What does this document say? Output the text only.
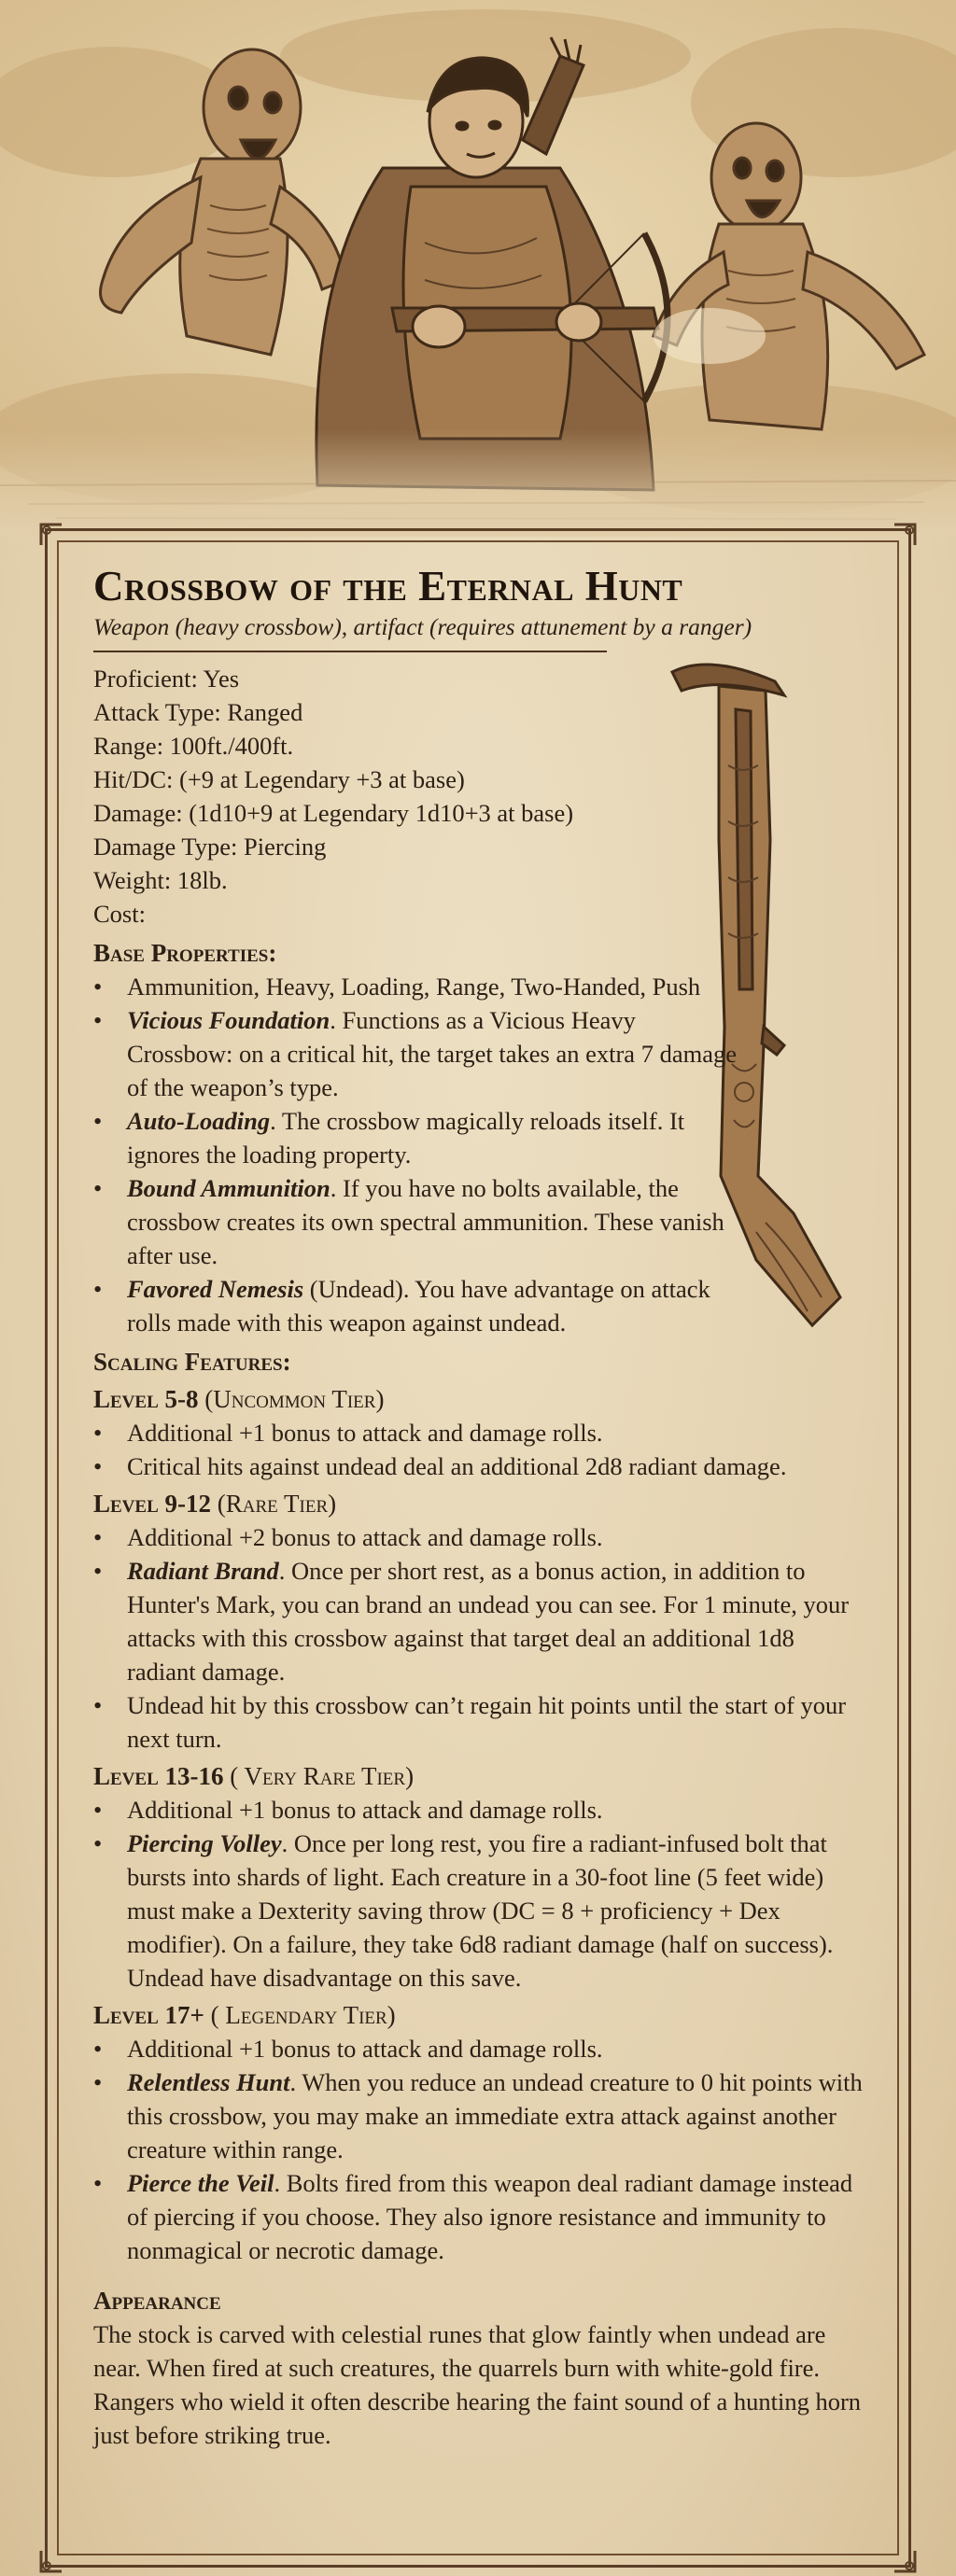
Crossbow of the Eternal Hunt
Weapon (heavy crossbow), artifact (requires attunement by a ranger)
Proficient: Yes
Attack Type: Ranged
Range: 100ft./400ft.
Hit/DC: (+9 at Legendary +3 at base)
Damage: (1d10+9 at Legendary 1d10+3 at base)
Damage Type: Piercing
Weight: 18lb.
Cost:
Base Properties:
• Ammunition, Heavy, Loading, Range, Two-Handed, Push
• Vicious Foundation. Functions as a Vicious Heavy Crossbow: on a critical hit, the target takes an extra 7 damage of the weapon’s type.
• Auto-Loading. The crossbow magically reloads itself. It ignores the loading property.
• Bound Ammunition. If you have no bolts available, the crossbow creates its own spectral ammunition. These vanish after use.
• Favored Nemesis (Undead). You have advantage on attack rolls made with this weapon against undead.
Scaling Features:
Level 5-8 (Uncommon Tier)
• Additional +1 bonus to attack and damage rolls.
• Critical hits against undead deal an additional 2d8 radiant damage.
Level 9-12 (Rare Tier)
• Additional +2 bonus to attack and damage rolls.
• Radiant Brand. Once per short rest, as a bonus action, in addition to Hunter's Mark, you can brand an undead you can see. For 1 minute, your attacks with this crossbow against that target deal an additional 1d8 radiant damage.
• Undead hit by this crossbow can’t regain hit points until the start of your next turn.
Level 13-16 ( Very Rare Tier)
• Additional +1 bonus to attack and damage rolls.
• Piercing Volley. Once per long rest, you fire a radiant-infused bolt that bursts into shards of light. Each creature in a 30-foot line (5 feet wide) must make a Dexterity saving throw (DC = 8 + proficiency + Dex modifier). On a failure, they take 6d8 radiant damage (half on success). Undead have disadvantage on this save.
Level 17+ ( Legendary Tier)
• Additional +1 bonus to attack and damage rolls.
• Relentless Hunt. When you reduce an undead creature to 0 hit points with this crossbow, you may make an immediate extra attack against another creature within range.
• Pierce the Veil. Bolts fired from this weapon deal radiant damage instead of piercing if you choose. They also ignore resistance and immunity to nonmagical or necrotic damage.
Appearance
The stock is carved with celestial runes that glow faintly when undead are near. When fired at such creatures, the quarrels burn with white-gold fire. Rangers who wield it often describe hearing the faint sound of a hunting horn just before striking true.
